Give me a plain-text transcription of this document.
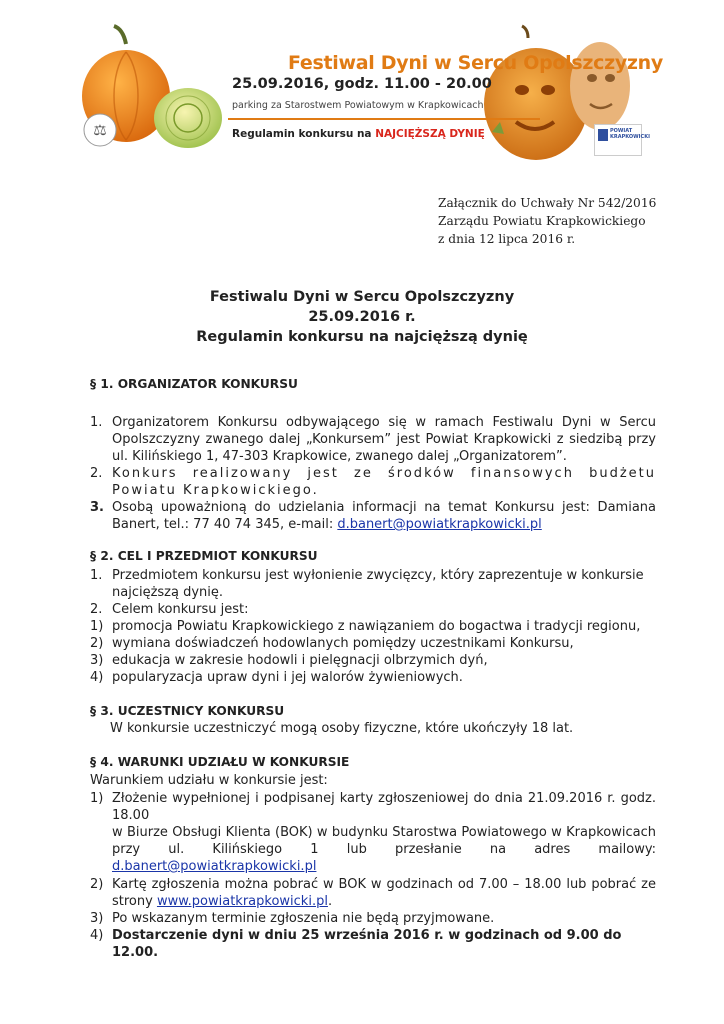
⚖
Festiwal Dyni w Sercu Opolszczyzny
25.09.2016, godz. 11.00 - 20.00
parking za Starostwem Powiatowym w Krapkowicach
Regulamin konkursu na NAJCIĘŻSZĄ DYNIĘ	POWIAT
KRAPKOWICKI
Załącznik do Uchwały Nr 542/2016
Zarządu Powiatu Krapkowickiego
z dnia 12 lipca 2016 r.
Festiwalu Dyni w Sercu Opolszczyzny
25.09.2016 r.
Regulamin konkursu na najcięższą dynię
§ 1. ORGANIZATOR KONKURSU
1. Organizatorem Konkursu odbywającego się w ramach Festiwalu Dyni w Sercu Opolszczyzny zwanego dalej „Konkursem” jest Powiat Krapkowicki z siedzibą przy ul. Kilińskiego 1, 47-303 Krapkowice, zwanego dalej „Organizatorem”.
2. Konkurs realizowany jest ze środków finansowych budżetu Powiatu Krapkowickiego.
3. Osobą upoważnioną do udzielania informacji na temat Konkursu jest: Damiana Banert, tel.: 77 40 74 345, e-mail: d.banert@powiatkrapkowicki.pl
§ 2. CEL I PRZEDMIOT KONKURSU
1. Przedmiotem konkursu jest wyłonienie zwycięzcy, który zaprezentuje w konkursie najcięższą dynię.
2. Celem konkursu jest:
1) promocja Powiatu Krapkowickiego z nawiązaniem do bogactwa i tradycji regionu,
2) wymiana doświadczeń hodowlanych pomiędzy uczestnikami Konkursu,
3) edukacja w zakresie hodowli i pielęgnacji olbrzymich dyń,
4) popularyzacja upraw dyni i jej walorów żywieniowych.
§ 3. UCZESTNICY KONKURSU
W konkursie uczestniczyć mogą osoby fizyczne, które ukończyły 18 lat.
§ 4. WARUNKI UDZIAŁU W KONKURSIE
Warunkiem udziału w konkursie jest:
1) Złożenie wypełnionej i podpisanej karty zgłoszeniowej do dnia 21.09.2016 r. godz. 18.00
w Biurze Obsługi Klienta (BOK) w budynku Starostwa Powiatowego w Krapkowicach przy ul. Kilińskiego 1 lub przesłanie na adres mailowy: d.banert@powiatkrapkowicki.pl
2) Kartę zgłoszenia można pobrać w BOK w godzinach od 7.00 – 18.00 lub pobrać ze strony www.powiatkrapkowicki.pl.
3) Po wskazanym terminie zgłoszenia nie będą przyjmowane.
4) Dostarczenie dyni w dniu 25 września 2016 r. w godzinach od 9.00 do 12.00.
